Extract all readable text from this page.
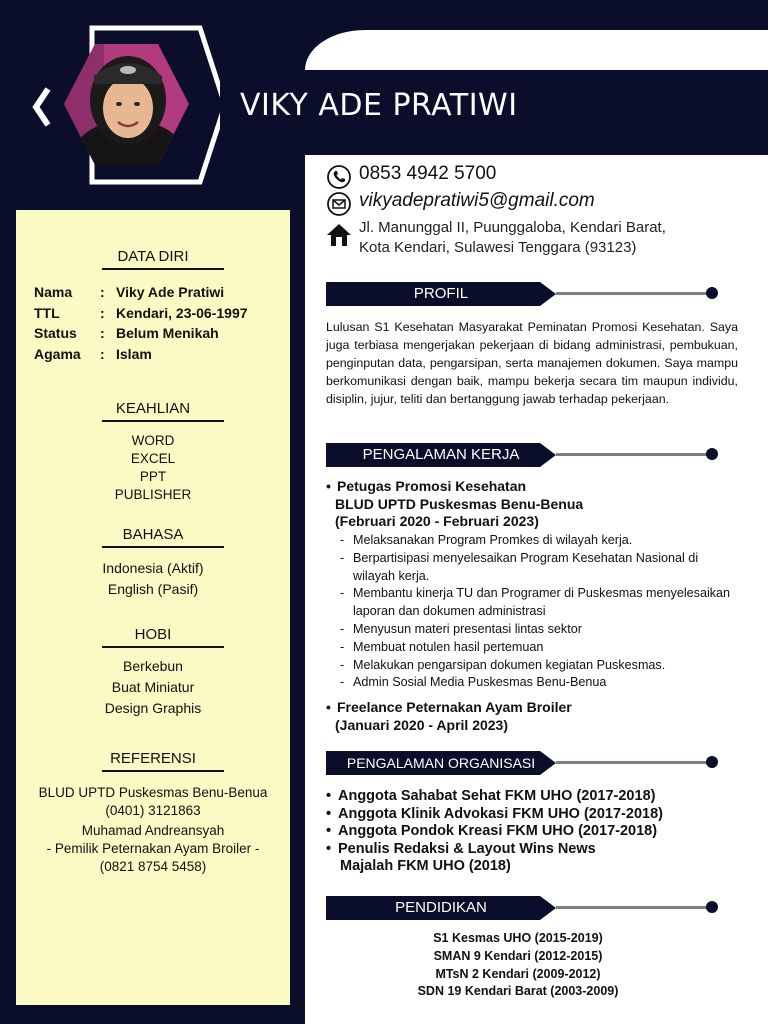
VIKY ADE PRATIWI
DATA DIRI
Nama	: Viky Ade Pratiwi
TTL	: Kendari, 23-06-1997
Status	: Belum Menikah
Agama	: Islam
KEAHLIAN
WORD
EXCEL
PPT
PUBLISHER
BAHASA
Indonesia (Aktif)
English (Pasif)
HOBI
Berkebun
Buat Miniatur
Design Graphis
REFERENSI
BLUD UPTD Puskesmas Benu-Benua
(0401) 3121863
Muhamad Andreansyah
- Pemilik Peternakan Ayam Broiler -
(0821 8754 5458)
0853 4942 5700
vikyadepratiwi5@gmail.com
Jl. Manunggal II, Puunggaloba, Kendari Barat,
Kota Kendari, Sulawesi Tenggara (93123)
PROFIL
Lulusan S1 Kesehatan Masyarakat Peminatan Promosi Kesehatan. Saya juga terbiasa mengerjakan pekerjaan di bidang administrasi, pembukuan, penginputan data, pengarsipan, serta manajemen dokumen. Saya mampu berkomunikasi dengan baik, mampu bekerja secara tim maupun individu, disiplin, jujur, teliti dan bertanggung jawab terhadap pekerjaan.
PENGALAMAN KERJA
• Petugas Promosi Kesehatan
BLUD UPTD Puskesmas Benu-Benua
(Februari 2020 - Februari 2023)
- Melaksanakan Program Promkes di wilayah kerja.
- Berpartisipasi menyelesaikan Program Kesehatan Nasional di wilayah kerja.
- Membantu kinerja TU dan Programer di Puskesmas menyelesaikan laporan dan dokumen administrasi
- Menyusun materi presentasi lintas sektor
- Membuat notulen hasil pertemuan
- Melakukan pengarsipan dokumen kegiatan Puskesmas.
- Admin Sosial Media Puskesmas Benu-Benua
• Freelance Peternakan Ayam Broiler
(Januari 2020 - April 2023)
PENGALAMAN ORGANISASI
• Anggota Sahabat Sehat FKM UHO (2017-2018)
• Anggota Klinik Advokasi FKM UHO (2017-2018)
• Anggota Pondok Kreasi FKM UHO (2017-2018)
• Penulis Redaksi & Layout Wins News
Majalah FKM UHO (2018)
PENDIDIKAN
S1 Kesmas UHO (2015-2019)
SMAN 9 Kendari (2012-2015)
MTsN 2 Kendari (2009-2012)
SDN 19 Kendari Barat (2003-2009)
